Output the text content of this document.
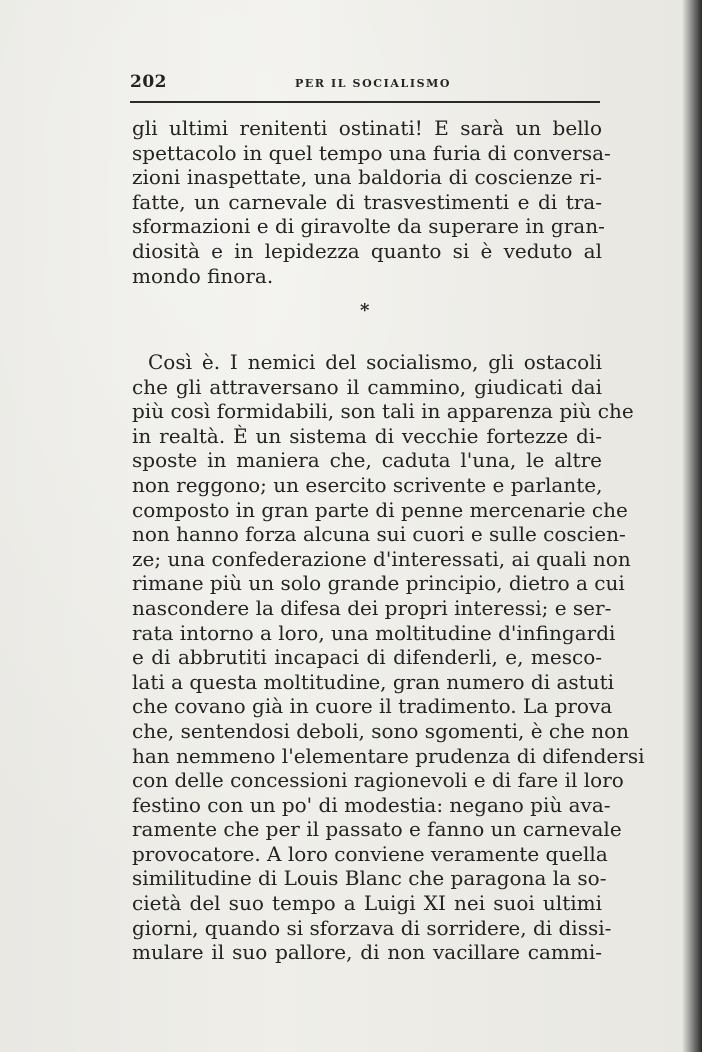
202	PER IL SOCIALISMO
gli ultimi renitenti ostinati! E sarà un bello
spettacolo in quel tempo una furia di conversa-
zioni inaspettate, una baldoria di coscienze ri-
fatte, un carnevale di trasvestimenti e di tra-
sformazioni e di giravolte da superare in gran-
diosità e in lepidezza quanto si è veduto al
mondo finora.
*
Così è. I nemici del socialismo, gli ostacoli
che gli attraversano il cammino, giudicati dai
più così formidabili, son tali in apparenza più che
in realtà. È un sistema di vecchie fortezze di-
sposte in maniera che, caduta l'una, le altre
non reggono; un esercito scrivente e parlante,
composto in gran parte di penne mercenarie che
non hanno forza alcuna sui cuori e sulle coscien-
ze; una confederazione d'interessati, ai quali non
rimane più un solo grande principio, dietro a cui
nascondere la difesa dei propri interessi; e ser-
rata intorno a loro, una moltitudine d'infingardi
e di abbrutiti incapaci di difenderli, e, mesco-
lati a questa moltitudine, gran numero di astuti
che covano già in cuore il tradimento. La prova
che, sentendosi deboli, sono sgomenti, è che non
han nemmeno l'elementare prudenza di difendersi
con delle concessioni ragionevoli e di fare il loro
festino con un po' di modestia: negano più ava-
ramente che per il passato e fanno un carnevale
provocatore. A loro conviene veramente quella
similitudine di Louis Blanc che paragona la so-
cietà del suo tempo a Luigi XI nei suoi ultimi
giorni, quando si sforzava di sorridere, di dissi-
mulare il suo pallore, di non vacillare cammi-
